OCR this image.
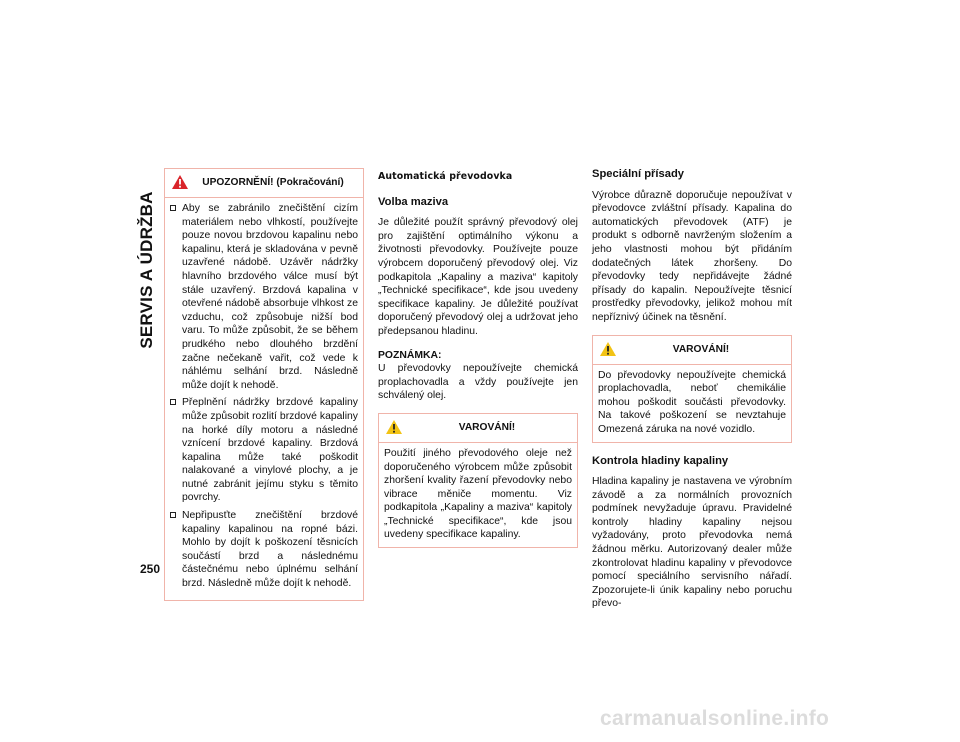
SERVIS A ÚDRŽBA
250
UPOZORNĚNÍ! (Pokračování)
Aby se zabránilo znečištění cizím materiálem nebo vlhkostí, používejte pouze novou brzdovou kapalinu nebo kapalinu, která je skladována v pevně uzavřené nádobě. Uzávěr nádržky hlavního brzdového válce musí být stále uzavřený. Brzdová kapalina v otevřené nádobě absorbuje vlhkost ze vzduchu, což způsobuje nižší bod varu. To může způsobit, že se během prudkého nebo dlouhého brzdění začne nečekaně vařit, což vede k náhlému selhání brzd. Následně může dojít k nehodě.
Přeplnění nádržky brzdové kapaliny může způsobit rozlití brzdové kapaliny na horké díly motoru a následné vznícení brzdové kapaliny. Brzdová kapalina může také poškodit nalakované a vinylové plochy, a je nutné zabránit jejímu styku s těmito povrchy.
Nepřipusťte znečištění brzdové kapaliny kapalinou na ropné bázi. Mohlo by dojít k poškození těsnicích součástí brzd a následnému částečnému nebo úplnému selhání brzd. Následně může dojít k nehodě.
Automatická převodovka
Volba maziva

Je důležité použít správný převodový olej pro zajištění optimálního výkonu a životnosti převodovky. Používejte pouze výrobcem doporučený převodový olej. Viz podkapitola „Kapaliny a maziva“ kapitoly „Technické specifikace“, kde jsou uvedeny specifikace kapaliny. Je důležité používat doporučený převodový olej a udržovat jeho předepsanou hladinu.

POZNÁMKA:

U převodovky nepoužívejte chemická proplachovadla a vždy používejte jen schválený olej.

VAROVÁNÍ!

Použití jiného převodového oleje než doporučeného výrobcem může způsobit zhoršení kvality řazení převodovky nebo vibrace měniče momentu. Viz podkapitola „Kapaliny a maziva“ kapitoly „Technické specifikace“, kde jsou uvedeny specifikace kapaliny.

Speciální přísady

Výrobce důrazně doporučuje nepoužívat v převodovce zvláštní přísady. Kapalina do automatických převodovek (ATF) je produkt s odborně navrženým složením a jeho vlastnosti mohou být přidáním dodatečných látek zhoršeny. Do převodovky tedy nepřidávejte žádné přísady do kapalin. Nepoužívejte těsnicí prostředky převodovky, jelikož mohou mít nepříznivý účinek na těsnění.

VAROVÁNÍ!

Do převodovky nepoužívejte chemická proplachovadla, neboť chemikálie mohou poškodit součásti převodovky. Na takové poškození se nevztahuje Omezená záruka na nové vozidlo.

Kontrola hladiny kapaliny

Hladina kapaliny je nastavena ve výrobním závodě a za normálních provozních podmínek nevyžaduje úpravu. Pravidelné kontroly hladiny kapaliny nejsou vyžadovány, proto převodovka nemá žádnou měrku. Autorizovaný dealer může zkontrolovat hladinu kapaliny v převodovce pomocí speciálního servisního nářadí. Zpozorujete-li únik kapaliny nebo poruchu převo-

carmanualsonline.info
